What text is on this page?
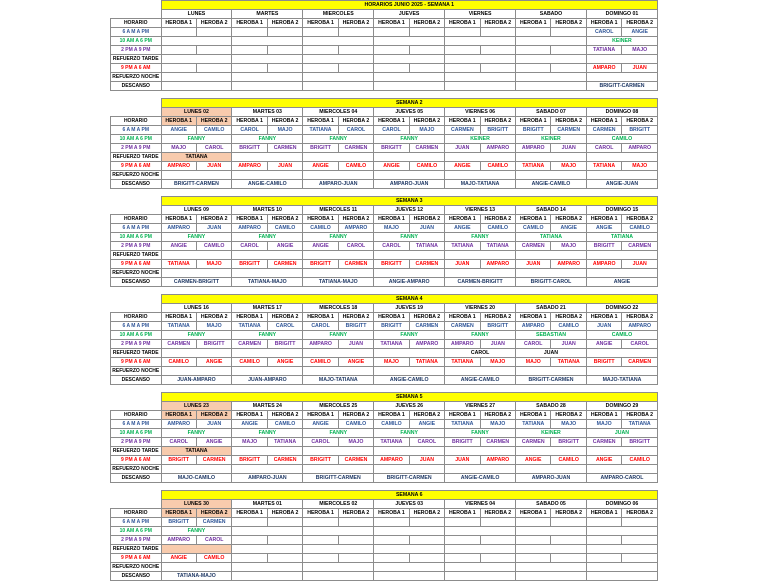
	HORARIOS JUNIO 2025 - SEMANA 1													
	LUNES		MARTES		MIERCOLES		JUEVES		VIERNES		SABADO		DOMINGO 01	
HORARIO	HEROBA 1	HEROBA 2	HEROBA 1	HEROBA 2	HEROBA 1	HEROBA 2	HEROBA 1	HEROBA 2	HEROBA 1	HEROBA 2	HEROBA 1	HEROBA 2	HEROBA 1	HEROBA 2
6 A M A PM													CAROL	ANGIE
10 AM A 6 PM													KEINER	
2 PM A 9 PM													TATIANA	MAJO
REFUERZO TARDE														
9 PM A 6 AM													AMPARO	JUAN
REFUERZO NOCHE														
DESCANSO													BRIGITT-CARMEN	
	SEMANA 2													
	LUNES 02		MARTES 03		MIERCOLES 04		JUEVES 05		VIERNES 06		SABADO 07		DOMINGO 08	
HORARIO	HEROBA 1	HEROBA 2	HEROBA 1	HEROBA 2	HEROBA 1	HEROBA 2	HEROBA 1	HEROBA 2	HEROBA 1	HEROBA 2	HEROBA 1	HEROBA 2	HEROBA 1	HEROBA 2
6 A M A PM	ANGIE	CAMILO	CAROL	MAJO	TATIANA	CAROL	CAROL	MAJO	CARMEN	BRIGITT	BRIGITT	CARMEN	CARMEN	BRIGITT
10 AM A 6 PM	FANNY		FANNY		FANNY		FANNY		KEINER		KEINER		CAMILO	
2 PM A 9 PM	MAJO	CAROL	BRIGITT	CARMEN	BRIGITT	CARMEN	BRIGITT	CARMEN	JUAN	AMPARO	AMPARO	JUAN	CAROL	AMPARO
REFUERZO TARDE	TATIANA													
9 PM A 6 AM	AMPARO	JUAN	AMPARO	JUAN	ANGIE	CAMILO	ANGIE	CAMILO	ANGIE	CAMILO	TATIANA	MAJO	TATIANA	MAJO
REFUERZO NOCHE														
DESCANSO	BRIGITT-CARMEN		ANGIE-CAMILO		AMPARO-JUAN		AMPARO-JUAN		MAJO-TATIANA		ANGIE-CAMILO		ANGIE-JUAN	
	SEMANA 3													
	LUNES 09		MARTES 10		MIERCOLES 11		JUEVES 12		VIERNES 13		SABADO 14		DOMINGO 15	
HORARIO	HEROBA 1	HEROBA 2	HEROBA 1	HEROBA 2	HEROBA 1	HEROBA 2	HEROBA 1	HEROBA 2	HEROBA 1	HEROBA 2	HEROBA 1	HEROBA 2	HEROBA 1	HEROBA 2
6 A M A PM	AMPARO	JUAN	AMPARO	CAMILO	CAMILO	AMPARO	MAJO	JUAN	ANGIE	CAMILO	CAMILO	ANGIE	ANGIE	CAMILO
10 AM A 6 PM	FANNY		FANNY		FANNY		FANNY		FANNY		TATIANA		TATIANA	
2 PM A 9 PM	ANGIE	CAMILO	CAROL	ANGIE	ANGIE	CAROL	CAROL	TATIANA	TATIANA	TATIANA	CARMEN	MAJO	BRIGITT	CARMEN
REFUERZO TARDE														
9 PM A 6 AM	TATIANA	MAJO	BRIGITT	CARMEN	BRIGITT	CARMEN	BRIGITT	CARMEN	JUAN	AMPARO	JUAN	AMPARO	AMPARO	JUAN
REFUERZO NOCHE														
DESCANSO	CARMEN-BRIGITT		TATIANA-MAJO		TATIANA-MAJO		ANGIE-AMPARO		CARMEN-BRIGITT		BRIGITT-CAROL		ANGIE	
	SEMANA 4													
	LUNES 16		MARTES 17		MIERCOLES 18		JUEVES 19		VIERNES 20		SABADO 21		DOMINGO 22	
HORARIO	HEROBA 1	HEROBA 2	HEROBA 1	HEROBA 2	HEROBA 1	HEROBA 2	HEROBA 1	HEROBA 2	HEROBA 1	HEROBA 2	HEROBA 1	HEROBA 2	HEROBA 1	HEROBA 2
6 A M A PM	TATIANA	MAJO	TATIANA	CAROL	CAROL	BRIGITT	BRIGITT	CARMEN	CARMEN	BRIGITT	AMPARO	CAMILO	JUAN	AMPARO
10 AM A 6 PM	FANNY		FANNY		FANNY		FANNY		FANNY		SEBASTIAN		CAMILO	
2 PM A 9 PM	CARMEN	BRIGITT	CARMEN	BRIGITT	AMPARO	JUAN	TATIANA	AMPARO	AMPARO	JUAN	CAROL	JUAN	ANGIE	CAROL
REFUERZO TARDE									CAROL		JUAN			
9 PM A 6 AM	CAMILO	ANGIE	CAMILO	ANGIE	CAMILO	ANGIE	MAJO	TATIANA	TATIANA	MAJO	MAJO	TATIANA	BRIGITT	CARMEN
REFUERZO NOCHE														
DESCANSO	JUAN-AMPARO		JUAN-AMPARO		MAJO-TATIANA		ANGIE-CAMILO		ANGIE-CAMILO		BRIGITT-CARMEN		MAJO-TATIANA	
	SEMANA 5													
	LUNES 23		MARTES 24		MIERCOLES 25		JUEVES 26		VIERNES 27		SABADO 28		DOMINGO 29	
HORARIO	HEROBA 1	HEROBA 2	HEROBA 1	HEROBA 2	HEROBA 1	HEROBA 2	HEROBA 1	HEROBA 2	HEROBA 1	HEROBA 2	HEROBA 1	HEROBA 2	HEROBA 1	HEROBA 2
6 A M A PM	AMPARO	JUAN	ANGIE	CAMILO	ANGIE	CAMILO	CAMILO	ANGIE	TATIANA	MAJO	TATIANA	MAJO	MAJO	TATIANA
10 AM A 6 PM	FANNY		FANNY		FANNY		FANNY		FANNY		KEINER		JUAN	
2 PM A 9 PM	CAROL	ANGIE	MAJO	TATIANA	CAROL	MAJO	TATIANA	CAROL	BRIGITT	CARMEN	CARMEN	BRIGITT	CARMEN	BRIGITT
REFUERZO TARDE	TATIANA													
9 PM A 6 AM	BRIGITT	CARMEN	BRIGITT	CARMEN	BRIGITT	CARMEN	AMPARO	JUAN	JUAN	AMPARO	ANGIE	CAMILO	ANGIE	CAMILO
REFUERZO NOCHE														
DESCANSO	MAJO-CAMILO		AMPARO-JUAN		BRIGITT-CARMEN		BRIGITT-CARMEN		ANGIE-CAMILO		AMPARO-JUAN		AMPARO-CAROL	
	SEMANA 6													
	LUNES 30		MARTES 01		MIERCOLES 02		JUEVES 03		VIERNES 04		SABADO 05		DOMINGO 06	
HORARIO	HEROBA 1	HEROBA 2	HEROBA 1	HEROBA 2	HEROBA 1	HEROBA 2	HEROBA 1	HEROBA 2	HEROBA 1	HEROBA 2	HEROBA 1	HEROBA 2	HEROBA 1	HEROBA 2
6 A M A PM	BRIGITT	CARMEN												
10 AM A 6 PM	FANNY													
2 PM A 9 PM	AMPARO	CAROL												
REFUERZO TARDE														
9 PM A 6 AM	ANGIE	CAMILO												
REFUERZO NOCHE														
DESCANSO	TATIANA-MAJO													
